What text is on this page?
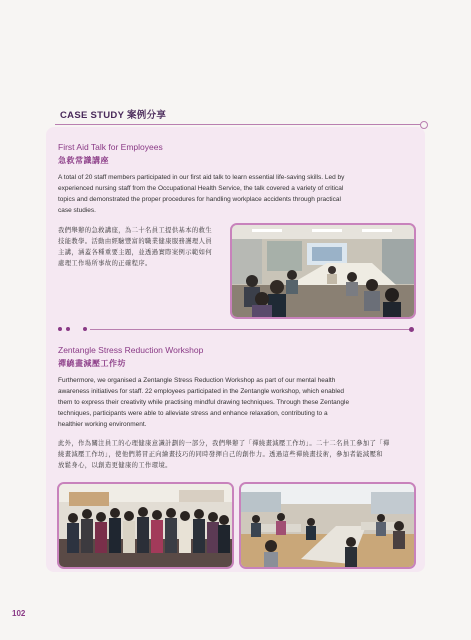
CASE STUDY 案例分享
First Aid Talk for Employees
急救常識講座
A total of 20 staff members participated in our first aid talk to learn essential life-saving skills. Led by
experienced nursing staff from the Occupational Health Service, the talk covered a variety of critical
topics and demonstrated the proper procedures for handling workplace accidents through practical
case studies.
我們舉辦的急救講座，為二十名員工提供基本的救生
技能教學。活動由經驗豐富的職業健康服務護理人員
主講，涵蓋各種重要主題，並透過實際案例示範如何
處理工作場所事故的正確程序。
Zentangle Stress Reduction Workshop
禪繞畫減壓工作坊
Furthermore, we organised a Zentangle Stress Reduction Workshop as part of our mental health
awareness initiatives for staff. 22 employees participated in the Zentangle workshop, which enabled
them to express their creativity while practising mindful drawing techniques. Through these Zentangle
techniques, participants were able to alleviate stress and enhance relaxation, contributing to a
healthier working environment.
此外，作為關注員工的心理健康意識計劃的一部分，我們舉辦了「禪繞畫減壓工作坊」。二十二名員工參加了「禪
繞畫減壓工作坊」，使他們將冒正向繪畫技巧的同時發揮自己的創作力。透過這些禪繞畫技術，參加者能減壓和
放鬆身心，以創造更健康的工作環境。
102
